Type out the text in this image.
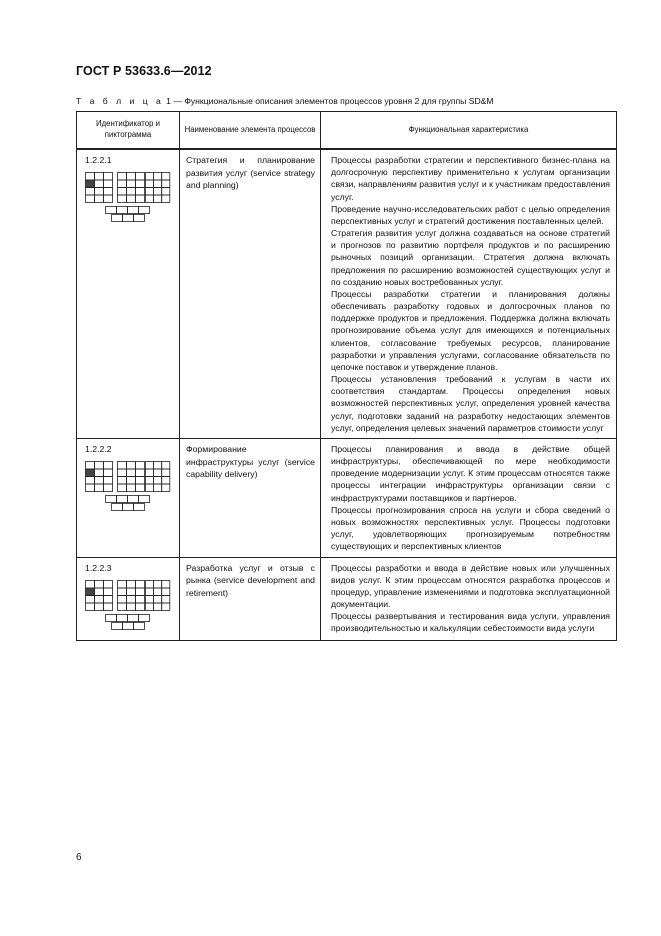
ГОСТ Р 53633.6—2012
Т а б л и ц а 1 — Функциональные описания элементов процессов уровня 2 для группы SD&M
Идентификатор и пиктограмма	Наименование элемента процессов	Функциональная характеристика

1.2.2.1	Стратегия и планирование развития услуг (service strategy and planning)	Процессы разработки стратегии и перспективного бизнес-плана на долгосрочную перспективу применительно к услугам организации связи, направлениям развития услуг и к участникам предоставления услуг.
Проведение научно-исследовательских работ с целью определения перспективных услуг и стратегий достижения поставленных целей.
Стратегия развития услуг должна создаваться на основе стратегий и прогнозов по развитию портфеля продуктов и по расширению рыночных позиций организации. Стратегия должна включать предложения по расширению возможностей существующих услуг и по созданию новых востребованных услуг.
Процессы разработки стратегии и планирования должны обеспечивать разработку годовых и долгосрочных планов по поддержке продуктов и предложения. Поддержка должна включать прогнозирование объема услуг для имеющихся и потенциальных клиентов, согласование требуемых ресурсов, планирование разработки и управления услугами, согласование обязательств по цепочке поставок и утверждение планов.
Процессы установления требований к услугам в части их соответствия стандартам. Процессы определения новых возможностей перспективных услуг, определения уровней качества услуг, подготовки заданий на разработку недостающих элементов услуг, определения целевых значений параметров стоимости услуг

1.2.2.2	Формирование инфраструктуры услуг (service capability delivery)	Процессы планирования и ввода в действие общей инфраструктуры, обеспечивающей по мере необходимости проведение модернизации услуг. К этим процессам относятся также процессы интеграции инфраструктуры организации связи с инфраструктурами поставщиков и партнеров.
Процессы прогнозирования спроса на услуги и сбора сведений о новых возможностях перспективных услуг. Процессы подготовки услуг, удовлетворяющих прогнозируемым потребностям существующих и перспективных клиентов

1.2.2.3	Разработка услуг и отзыв с рынка (service development and retirement)	Процессы разработки и ввода в действие новых или улучшенных видов услуг. К этим процессам относятся разработка процессов и процедур, управление изменениями и подготовка эксплуатационной документации.
Процессы развертывания и тестирования вида услуги, управления производительностью и калькуляции себестоимости вида услуги
6
